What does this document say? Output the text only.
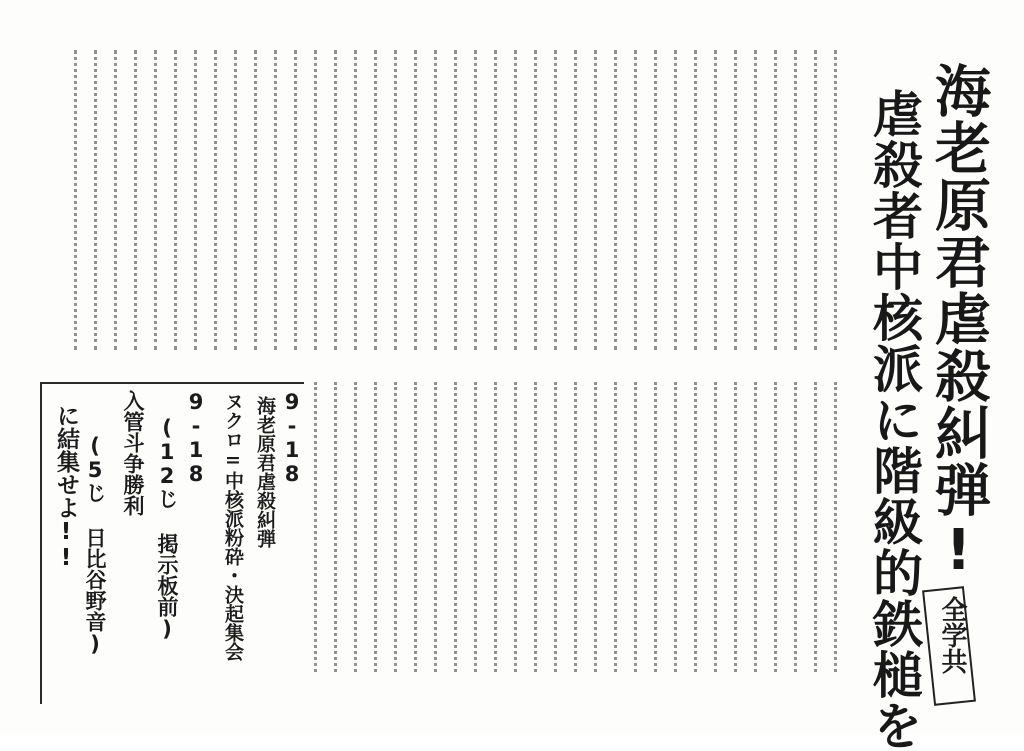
海老原君虐殺糾弾!
虐殺者中核派に階級的鉄槌を 全学共
9-18
海老原君虐殺糾弾
ヌクロ=中核派粉砕・決起集会
9-18
(12じ 掲示板前)
入管斗争勝利
(5じ 日比谷野音)
に結集せよ!!
